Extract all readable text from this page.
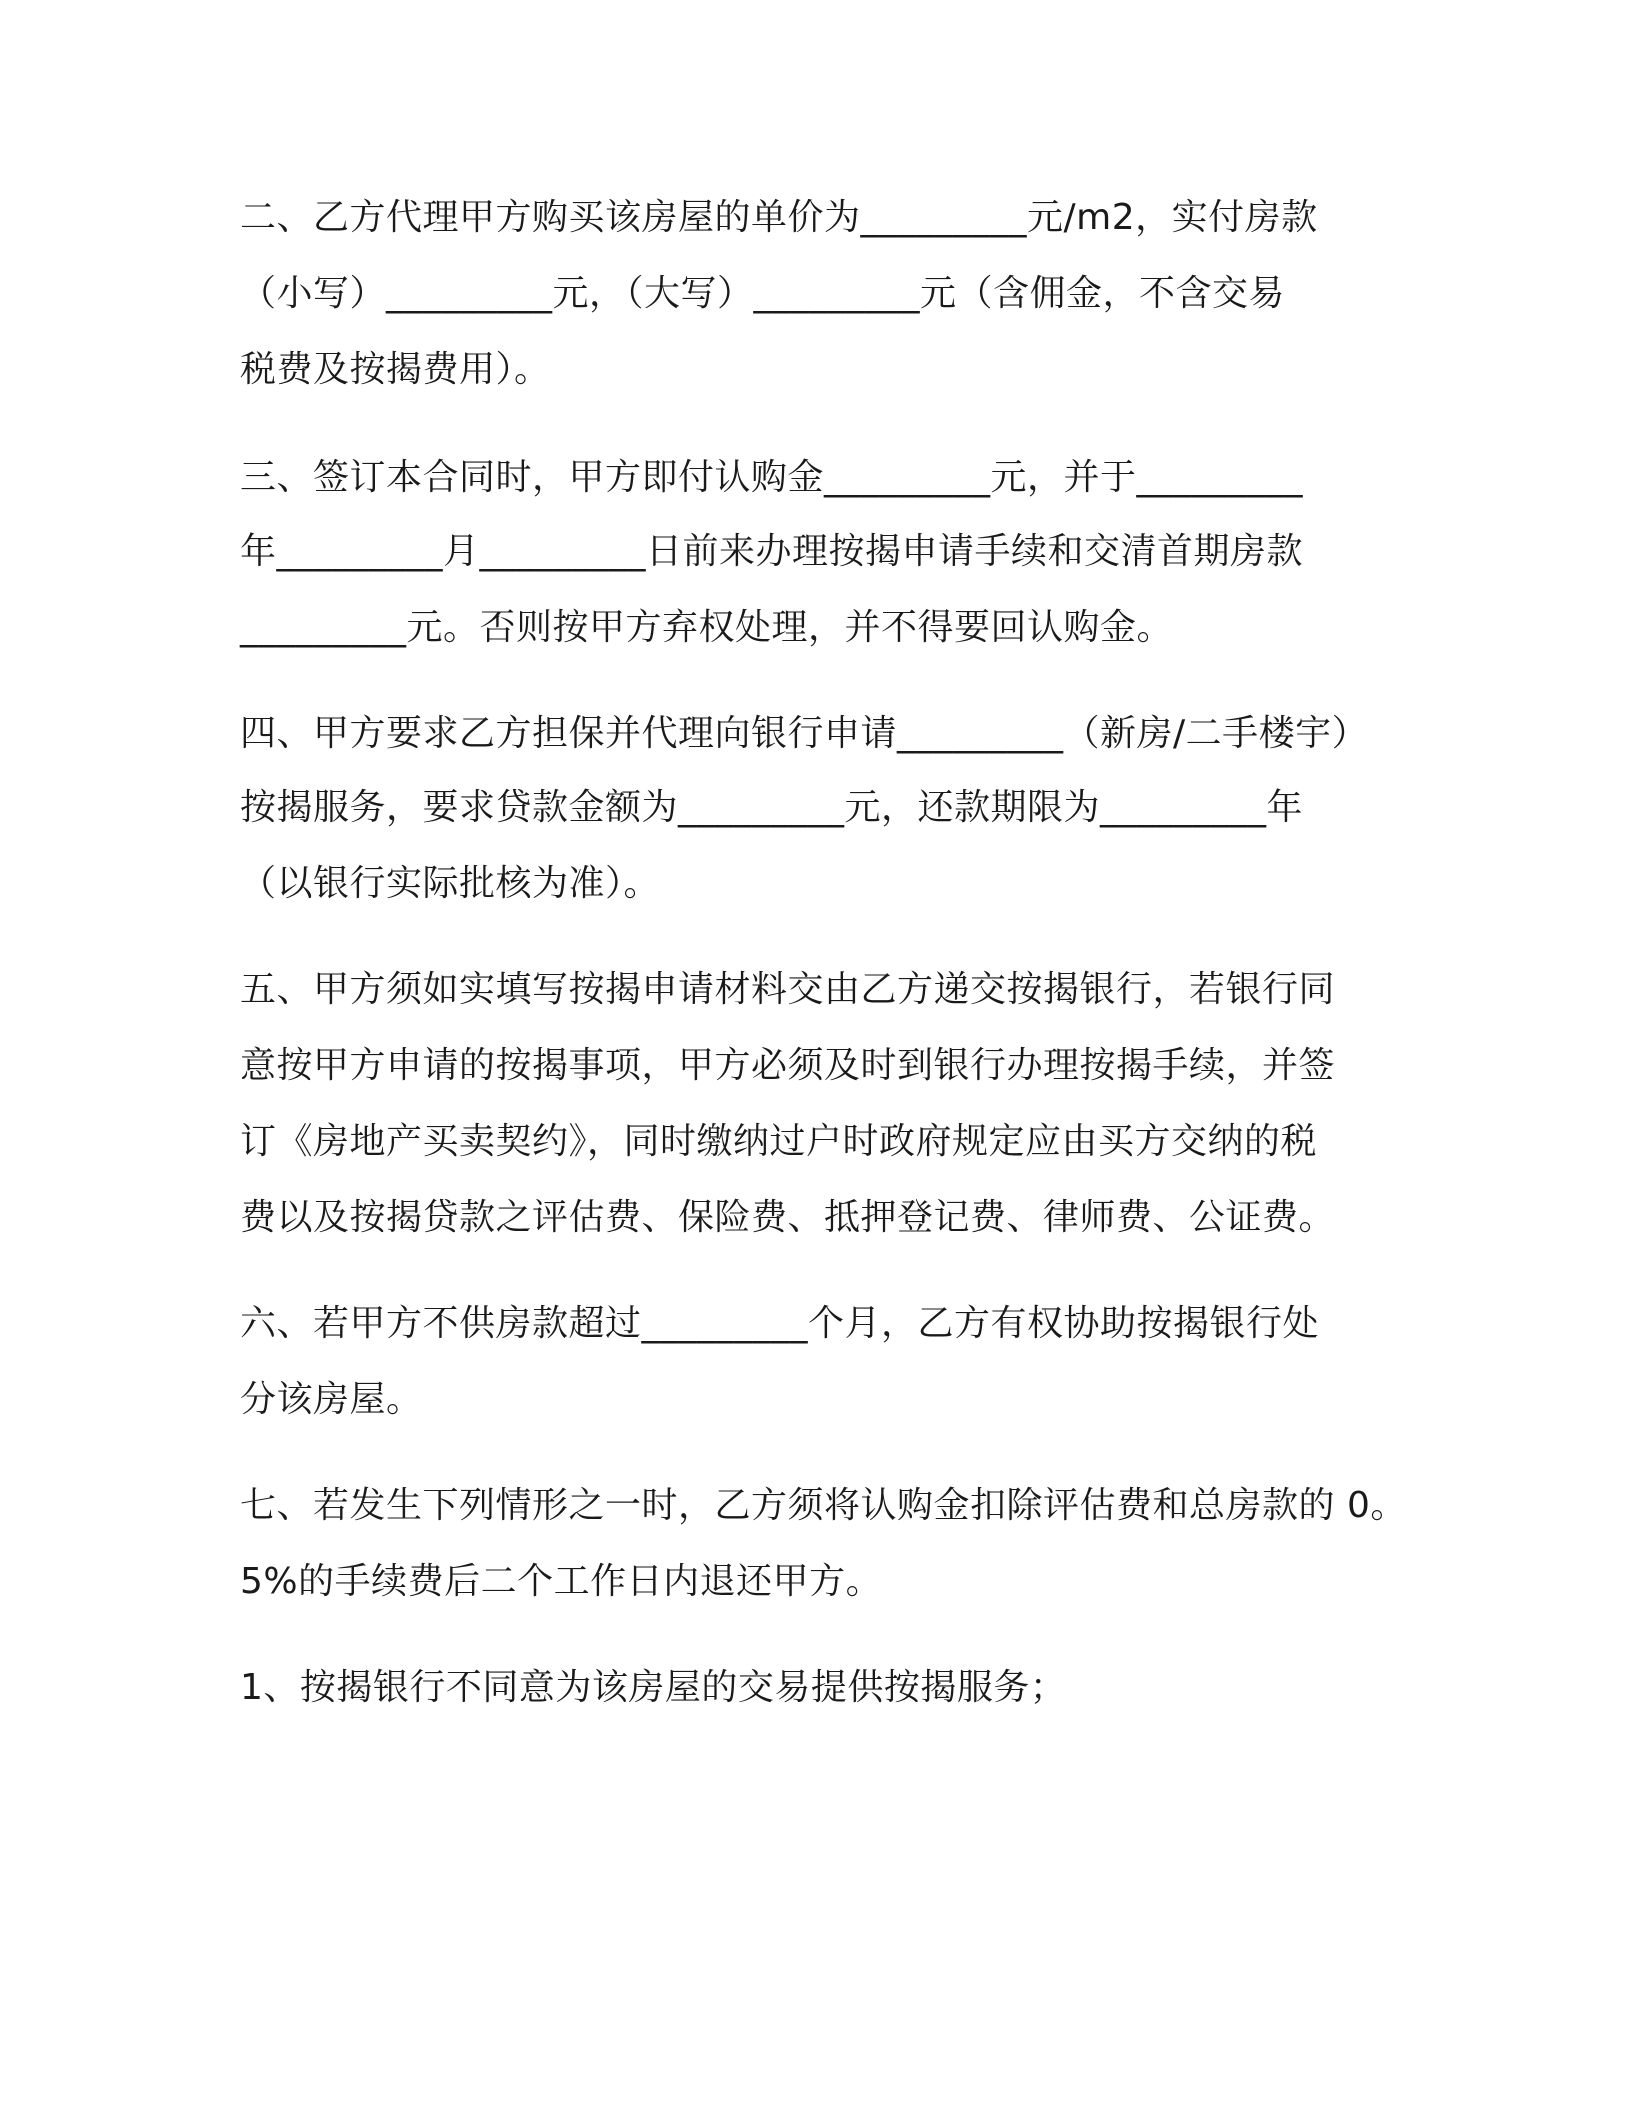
二、乙方代理甲方购买该房屋的单价为_________元/m2，实付房款
（小写）_________元，（大写）_________元（含佣金，不含交易
税费及按揭费用）。
三、签订本合同时，甲方即付认购金_________元，并于_________
年_________月_________日前来办理按揭申请手续和交清首期房款
_________元。否则按甲方弃权处理，并不得要回认购金。
四、甲方要求乙方担保并代理向银行申请_________（新房/二手楼宇）
按揭服务，要求贷款金额为_________元，还款期限为_________年
（以银行实际批核为准）。
五、甲方须如实填写按揭申请材料交由乙方递交按揭银行，若银行同
意按甲方申请的按揭事项，甲方必须及时到银行办理按揭手续，并签
订《房地产买卖契约》，同时缴纳过户时政府规定应由买方交纳的税
费以及按揭贷款之评估费、保险费、抵押登记费、律师费、公证费。
六、若甲方不供房款超过_________个月，乙方有权协助按揭银行处
分该房屋。
七、若发生下列情形之一时，乙方须将认购金扣除评估费和总房款的 0。
5%的手续费后二个工作日内退还甲方。
1、按揭银行不同意为该房屋的交易提供按揭服务；
